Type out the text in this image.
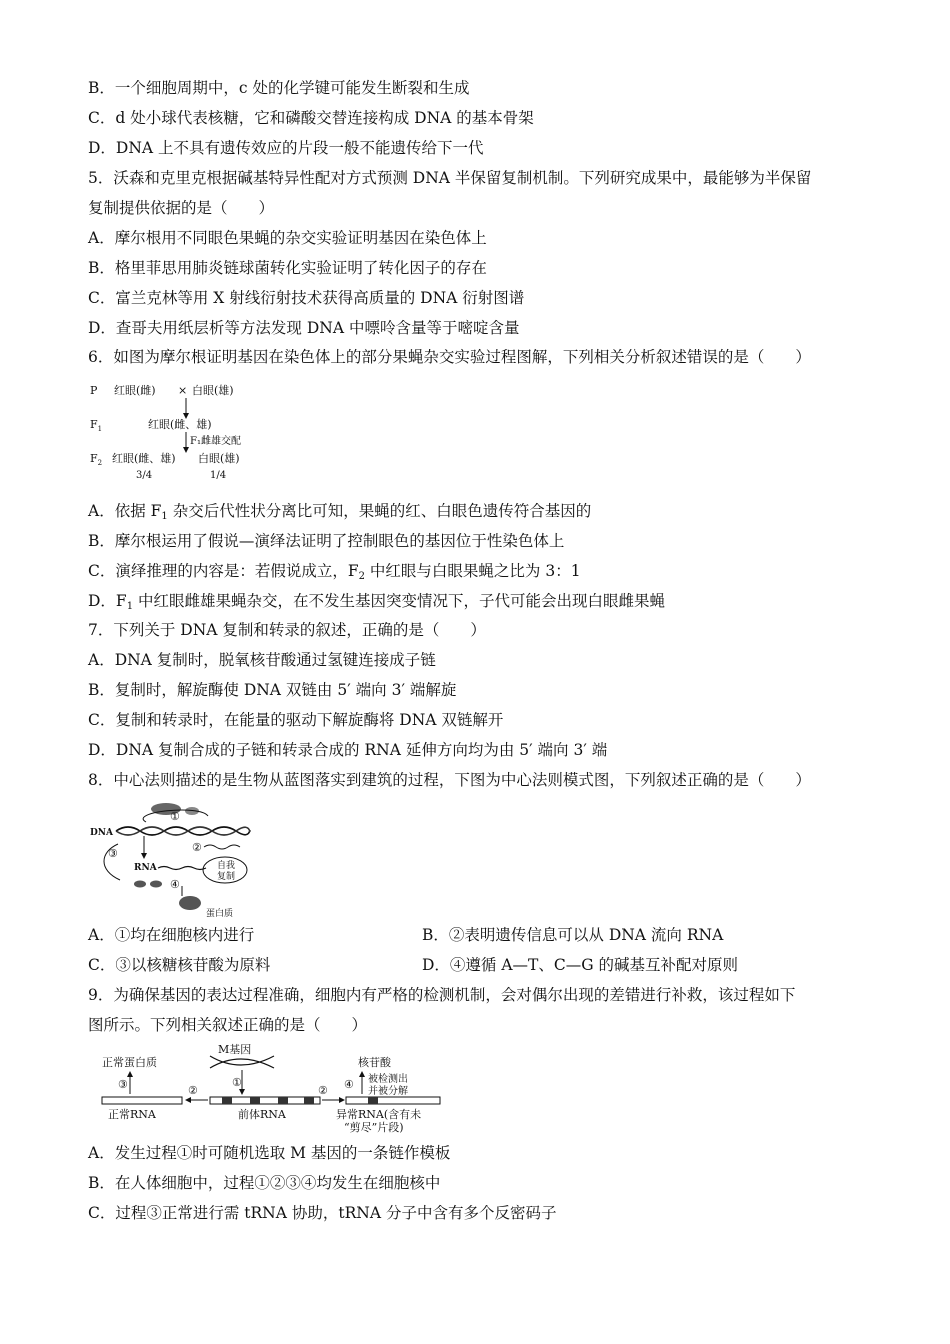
B．一个细胞周期中，c 处的化学键可能发生断裂和生成
C．d 处小球代表核糖，它和磷酸交替连接构成 DNA 的基本骨架
D．DNA 上不具有遗传效应的片段一般不能遗传给下一代
5．沃森和克里克根据碱基特异性配对方式预测 DNA 半保留复制机制。下列研究成果中，最能够为半保留
复制提供依据的是（　　）
A．摩尔根用不同眼色果蝇的杂交实验证明基因在染色体上
B．格里菲思用肺炎链球菌转化实验证明了转化因子的存在
C．富兰克林等用 X 射线衍射技术获得高质量的 DNA 衍射图谱
D．查哥夫用纸层析等方法发现 DNA 中嘌呤含量等于嘧啶含量
6．如图为摩尔根证明基因在染色体上的部分果蝇杂交实验过程图解，下列相关分析叙述错误的是（　　）
P 红眼(雌) × 白眼(雄)
$F_1$	红眼(雌、雄)
F₁雌雄交配
$F_2$ 红眼(雌、雄) 白眼(雄)
3/4	1/4
A．依据 $F_1$ 杂交后代性状分离比可知，果蝇的红、白眼色遗传符合基因的
B．摩尔根运用了假说—演绎法证明了控制眼色的基因位于性染色体上
C．演绎推理的内容是：若假说成立，$F_2$ 中红眼与白眼果蝇之比为 3：1
D．$F_1$ 中红眼雌雄果蝇杂交，在不发生基因突变情况下，子代可能会出现白眼雌果蝇
7．下列关于 DNA 复制和转录的叙述，正确的是（　　）
A．DNA 复制时，脱氧核苷酸通过氢键连接成子链
B．复制时，解旋酶使 DNA 双链由 5′ 端向 3′ 端解旋
C．复制和转录时，在能量的驱动下解旋酶将 DNA 双链解开
D．DNA 复制合成的子链和转录合成的 RNA 延伸方向均为由 5′ 端向 3′ 端
8．中心法则描述的是生物从蓝图落实到建筑的过程，下图为中心法则模式图，下列叙述正确的是（　　）
①
DNA
②
③
RNA	自我
复制
④
蛋白质
A．①均在细胞核内进行	B．②表明遗传信息可以从 DNA 流向 RNA
C．③以核糖核苷酸为原料	D．④遵循 A—T、C—G 的碱基互补配对原则
9．为确保基因的表达过程准确，细胞内有严格的检测机制，会对偶尔出现的差错进行补救，该过程如下
图所示。下列相关叙述正确的是（　　）
正常蛋白质
M基因
核苷酸
①
③	④ 被检测出
并被分解
②	②
正常RNA	前体RNA	异常RNA(含有未
“剪尽”片段)
A．发生过程①时可随机选取 M 基因的一条链作模板
B．在人体细胞中，过程①②③④均发生在细胞核中
C．过程③正常进行需 tRNA 协助，tRNA 分子中含有多个反密码子
